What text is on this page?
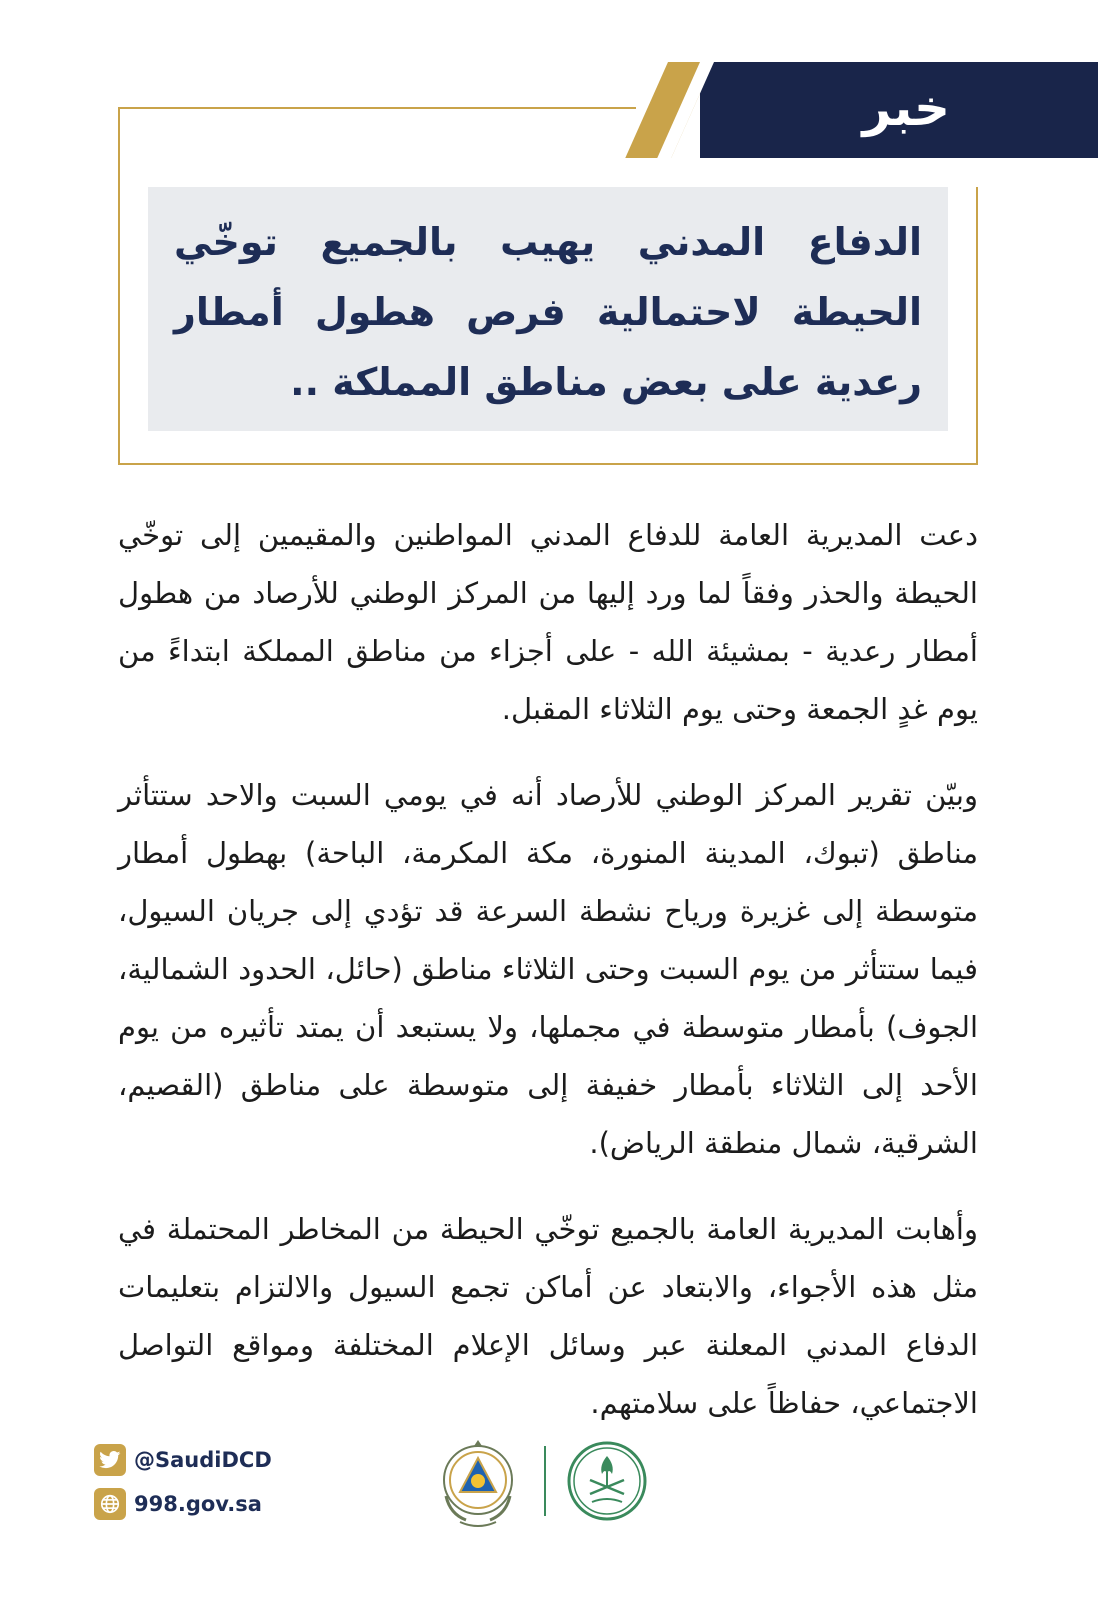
خبر

الدفاع المدني يهيب بالجميع توخّي الحيطة لاحتمالية فرص هطول أمطار رعدية على بعض مناطق المملكة ..

دعت المديرية العامة للدفاع المدني المواطنين والمقيمين إلى توخّي الحيطة والحذر وفقاً لما ورد إليها من المركز الوطني للأرصاد من هطول أمطار رعدية - بمشيئة الله - على أجزاء من مناطق المملكة ابتداءً من يوم غدٍ الجمعة وحتى يوم الثلاثاء المقبل.

وبيّن تقرير المركز الوطني للأرصاد أنه في يومي السبت والاحد ستتأثر مناطق (تبوك، المدينة المنورة، مكة المكرمة، الباحة) بهطول أمطار متوسطة إلى غزيرة ورياح نشطة السرعة قد تؤدي إلى جريان السيول، فيما ستتأثر من يوم السبت وحتى الثلاثاء مناطق (حائل، الحدود الشمالية، الجوف) بأمطار متوسطة في مجملها، ولا يستبعد أن يمتد تأثيره من يوم الأحد إلى الثلاثاء بأمطار خفيفة إلى متوسطة على مناطق (القصيم، الشرقية، شمال منطقة الرياض).

وأهابت المديرية العامة بالجميع توخّي الحيطة من المخاطر المحتملة في مثل هذه الأجواء، والابتعاد عن أماكن تجمع السيول والالتزام بتعليمات الدفاع المدني المعلنة عبر وسائل الإعلام المختلفة ومواقع التواصل الاجتماعي، حفاظاً على سلامتهم.

@SaudiDCD
998.gov.sa
